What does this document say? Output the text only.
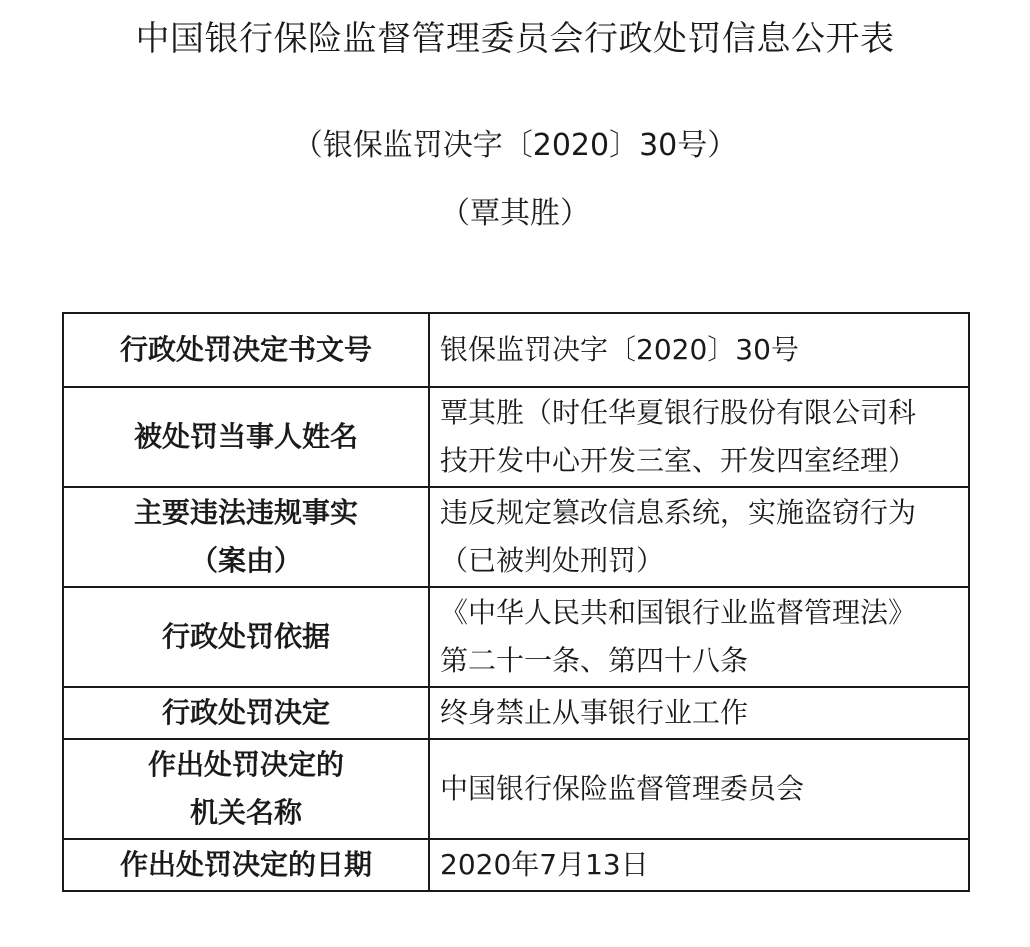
中国银行保险监督管理委员会行政处罚信息公开表
（银保监罚决字〔2020〕30号）
（覃其胜）
行政处罚决定书文号	银保监罚决字〔2020〕30号

被处罚当事人姓名	覃其胜（时任华夏银行股份有限公司科
技开发中心开发三室、开发四室经理）

主要违法违规事实
（案由）	违反规定篡改信息系统，实施盗窃行为
（已被判处刑罚）

行政处罚依据	《中华人民共和国银行业监督管理法》
第二十一条、第四十八条

行政处罚决定	终身禁止从事银行业工作

作出处罚决定的
机关名称	中国银行保险监督管理委员会

作出处罚决定的日期	2020年7月13日
